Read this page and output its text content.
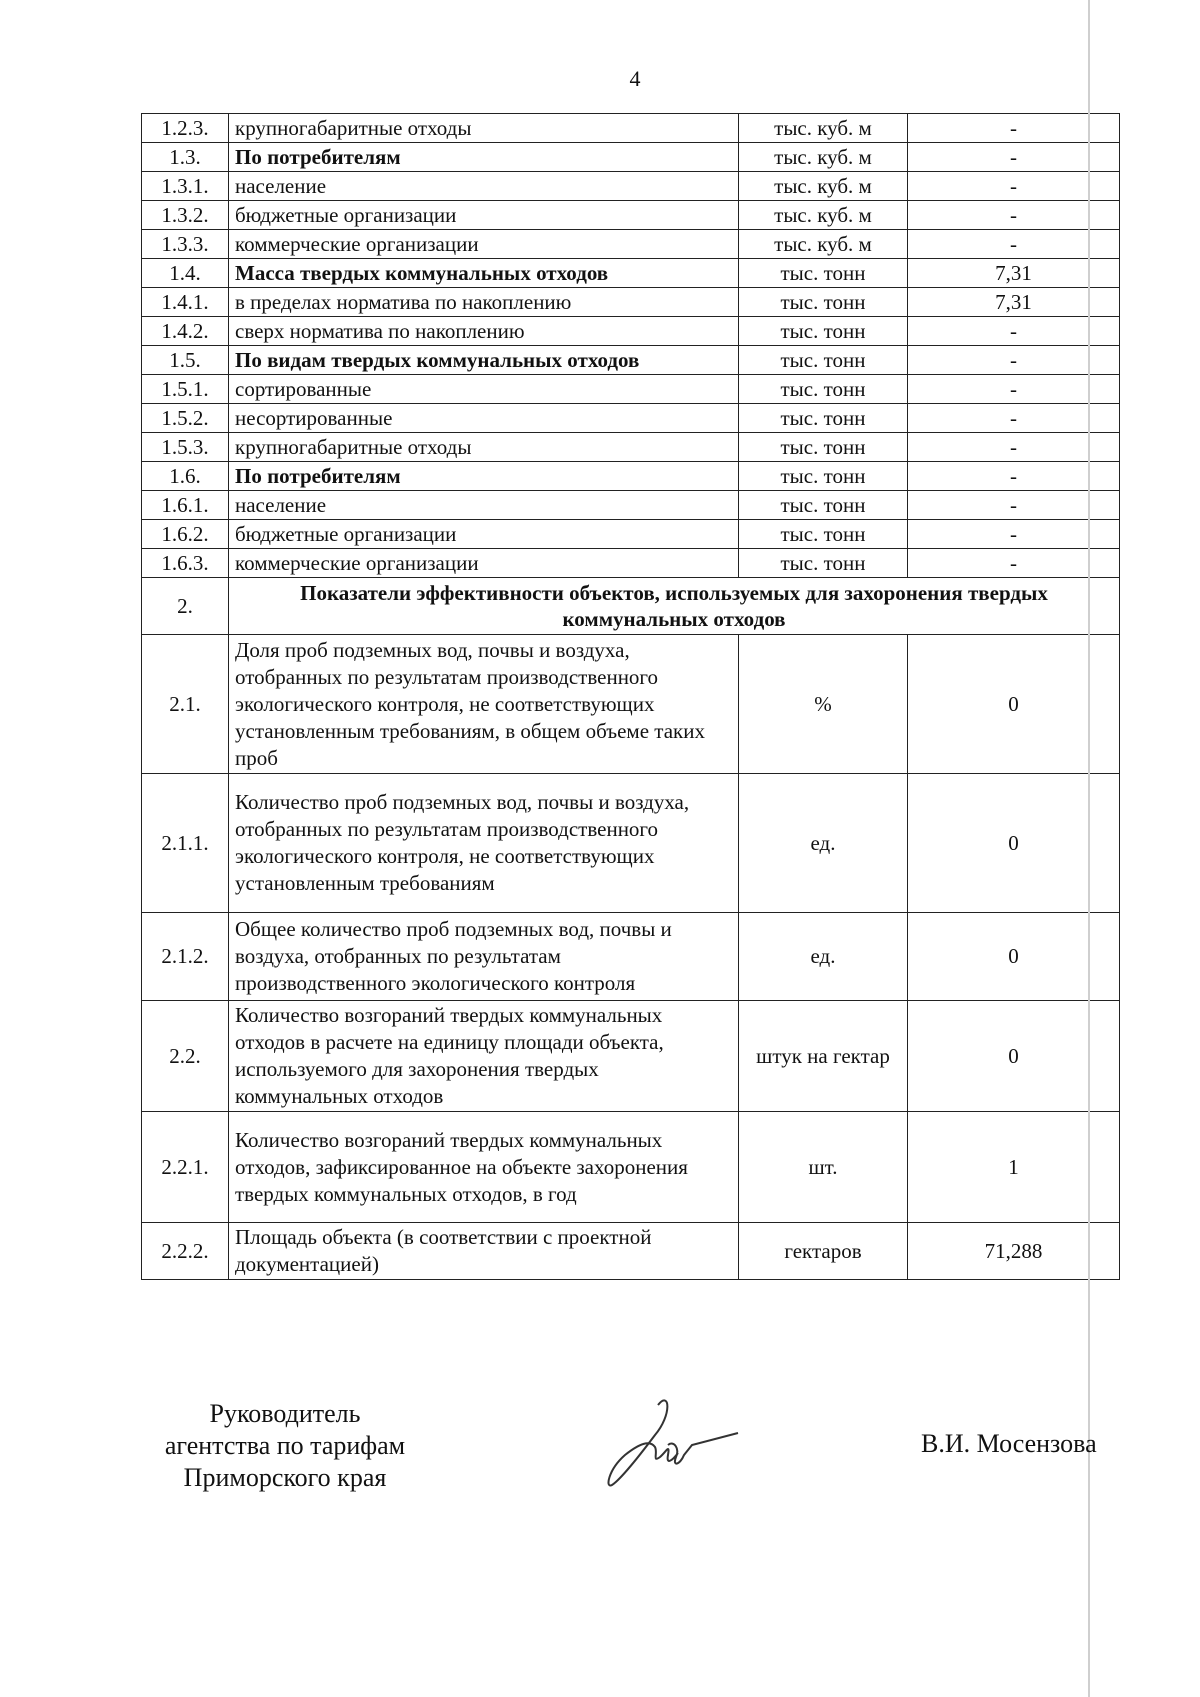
4
1.2.3.	крупногабаритные отходы	тыс. куб. м	-
1.3.	По потребителям	тыс. куб. м	-
1.3.1.	население	тыс. куб. м	-
1.3.2.	бюджетные организации	тыс. куб. м	-
1.3.3.	коммерческие организации	тыс. куб. м	-
1.4.	Масса твердых коммунальных отходов	тыс. тонн	7,31
1.4.1.	в пределах норматива по накоплению	тыс. тонн	7,31
1.4.2.	сверх норматива по накоплению	тыс. тонн	-
1.5.	По видам твердых коммунальных отходов	тыс. тонн	-
1.5.1.	сортированные	тыс. тонн	-
1.5.2.	несортированные	тыс. тонн	-
1.5.3.	крупногабаритные отходы	тыс. тонн	-
1.6.	По потребителям	тыс. тонн	-
1.6.1.	население	тыс. тонн	-
1.6.2.	бюджетные организации	тыс. тонн	-
1.6.3.	коммерческие организации	тыс. тонн	-
2.	Показатели эффективности объектов, используемых для захоронения твердых коммунальных отходов		
2.1.	Доля проб подземных вод, почвы и воздуха, отобранных по результатам производственного экологического контроля, не соответствующих установленным требованиям, в общем объеме таких проб	%	0
2.1.1.	Количество проб подземных вод, почвы и воздуха, отобранных по результатам производственного экологического контроля, не соответствующих установленным требованиям	ед.	0
2.1.2.	Общее количество проб подземных вод, почвы и воздуха, отобранных по результатам производственного экологического контроля	ед.	0
2.2.	Количество возгораний твердых коммунальных отходов в расчете на единицу площади объекта, используемого для захоронения твердых коммунальных отходов	штук на гектар	0
2.2.1.	Количество возгораний твердых коммунальных отходов, зафиксированное на объекте захоронения твердых коммунальных отходов, в год	шт.	1
2.2.2.	Площадь объекта (в соответствии с проектной документацией)	гектаров	71,288
Руководитель
агентства по тарифам
Приморского края
В.И. Мосензова
